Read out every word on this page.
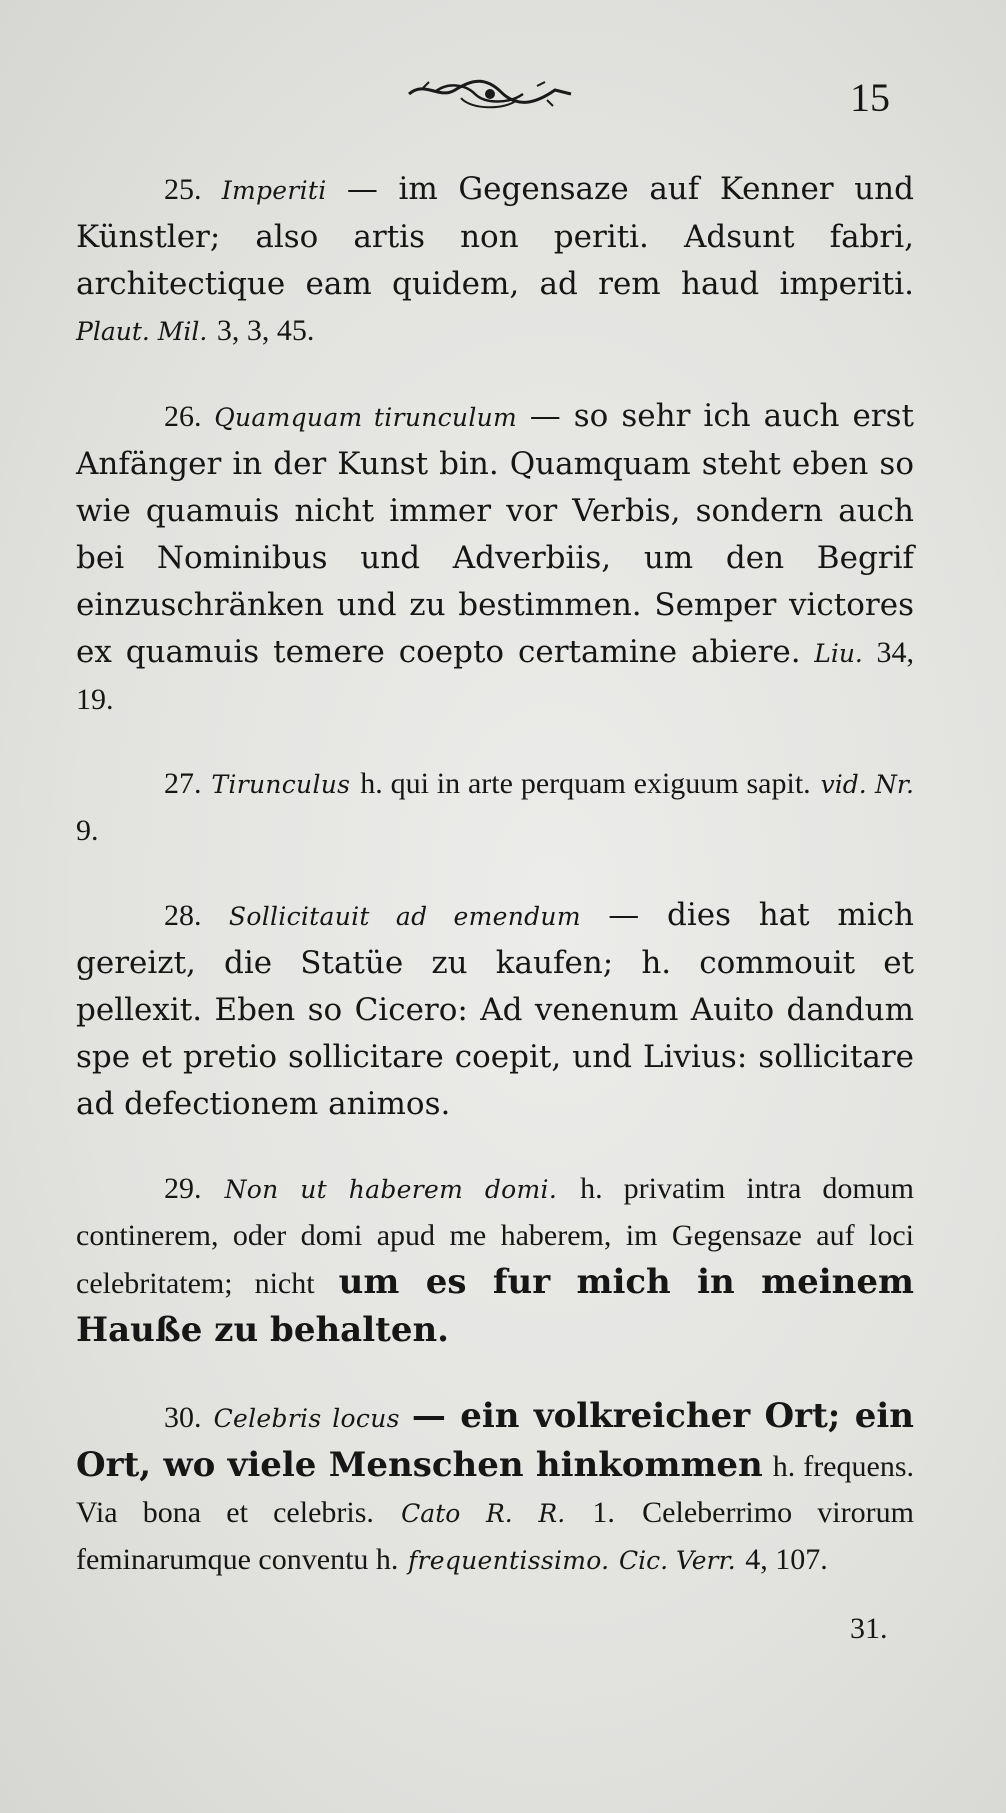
15

25. Imperiti — im Gegensaze auf Kenner und Künstler; also artis non periti. Adsunt fabri, architectique eam quidem, ad rem haud imperiti. Plaut. Mil. 3, 3, 45.

26. Quamquam tirunculum — so sehr ich auch erst Anfänger in der Kunst bin. Quamquam steht eben so wie quamuis nicht immer vor Verbis, sondern auch bei Nominibus und Adverbiis, um den Begrif einzuschränken und zu bestimmen. Semper victores ex quamuis temere coepto certamine abiere. Liu. 34, 19.

27. Tirunculus h. qui in arte perquam exiguum sapit. vid. Nr. 9.

28. Sollicitauit ad emendum — dies hat mich gereizt, die Statüe zu kaufen; h. commouit et pellexit. Eben so Cicero: Ad venenum Auito dandum spe et pretio sollicitare coepit, und Livius: sollicitare ad defectionem animos.

29. Non ut haberem domi. h. privatim intra domum continerem, oder domi apud me haberem, im Gegensaze auf loci celebritatem; nicht um es fur mich in meinem Hauße zu behalten.

30. Celebris locus — ein volkreicher Ort; ein Ort, wo viele Menschen hinkommen h. frequens. Via bona et celebris. Cato R. R. 1. Celeberrimo virorum feminarumque conventu h. frequentissimo. Cic. Verr. 4, 107.

31.
